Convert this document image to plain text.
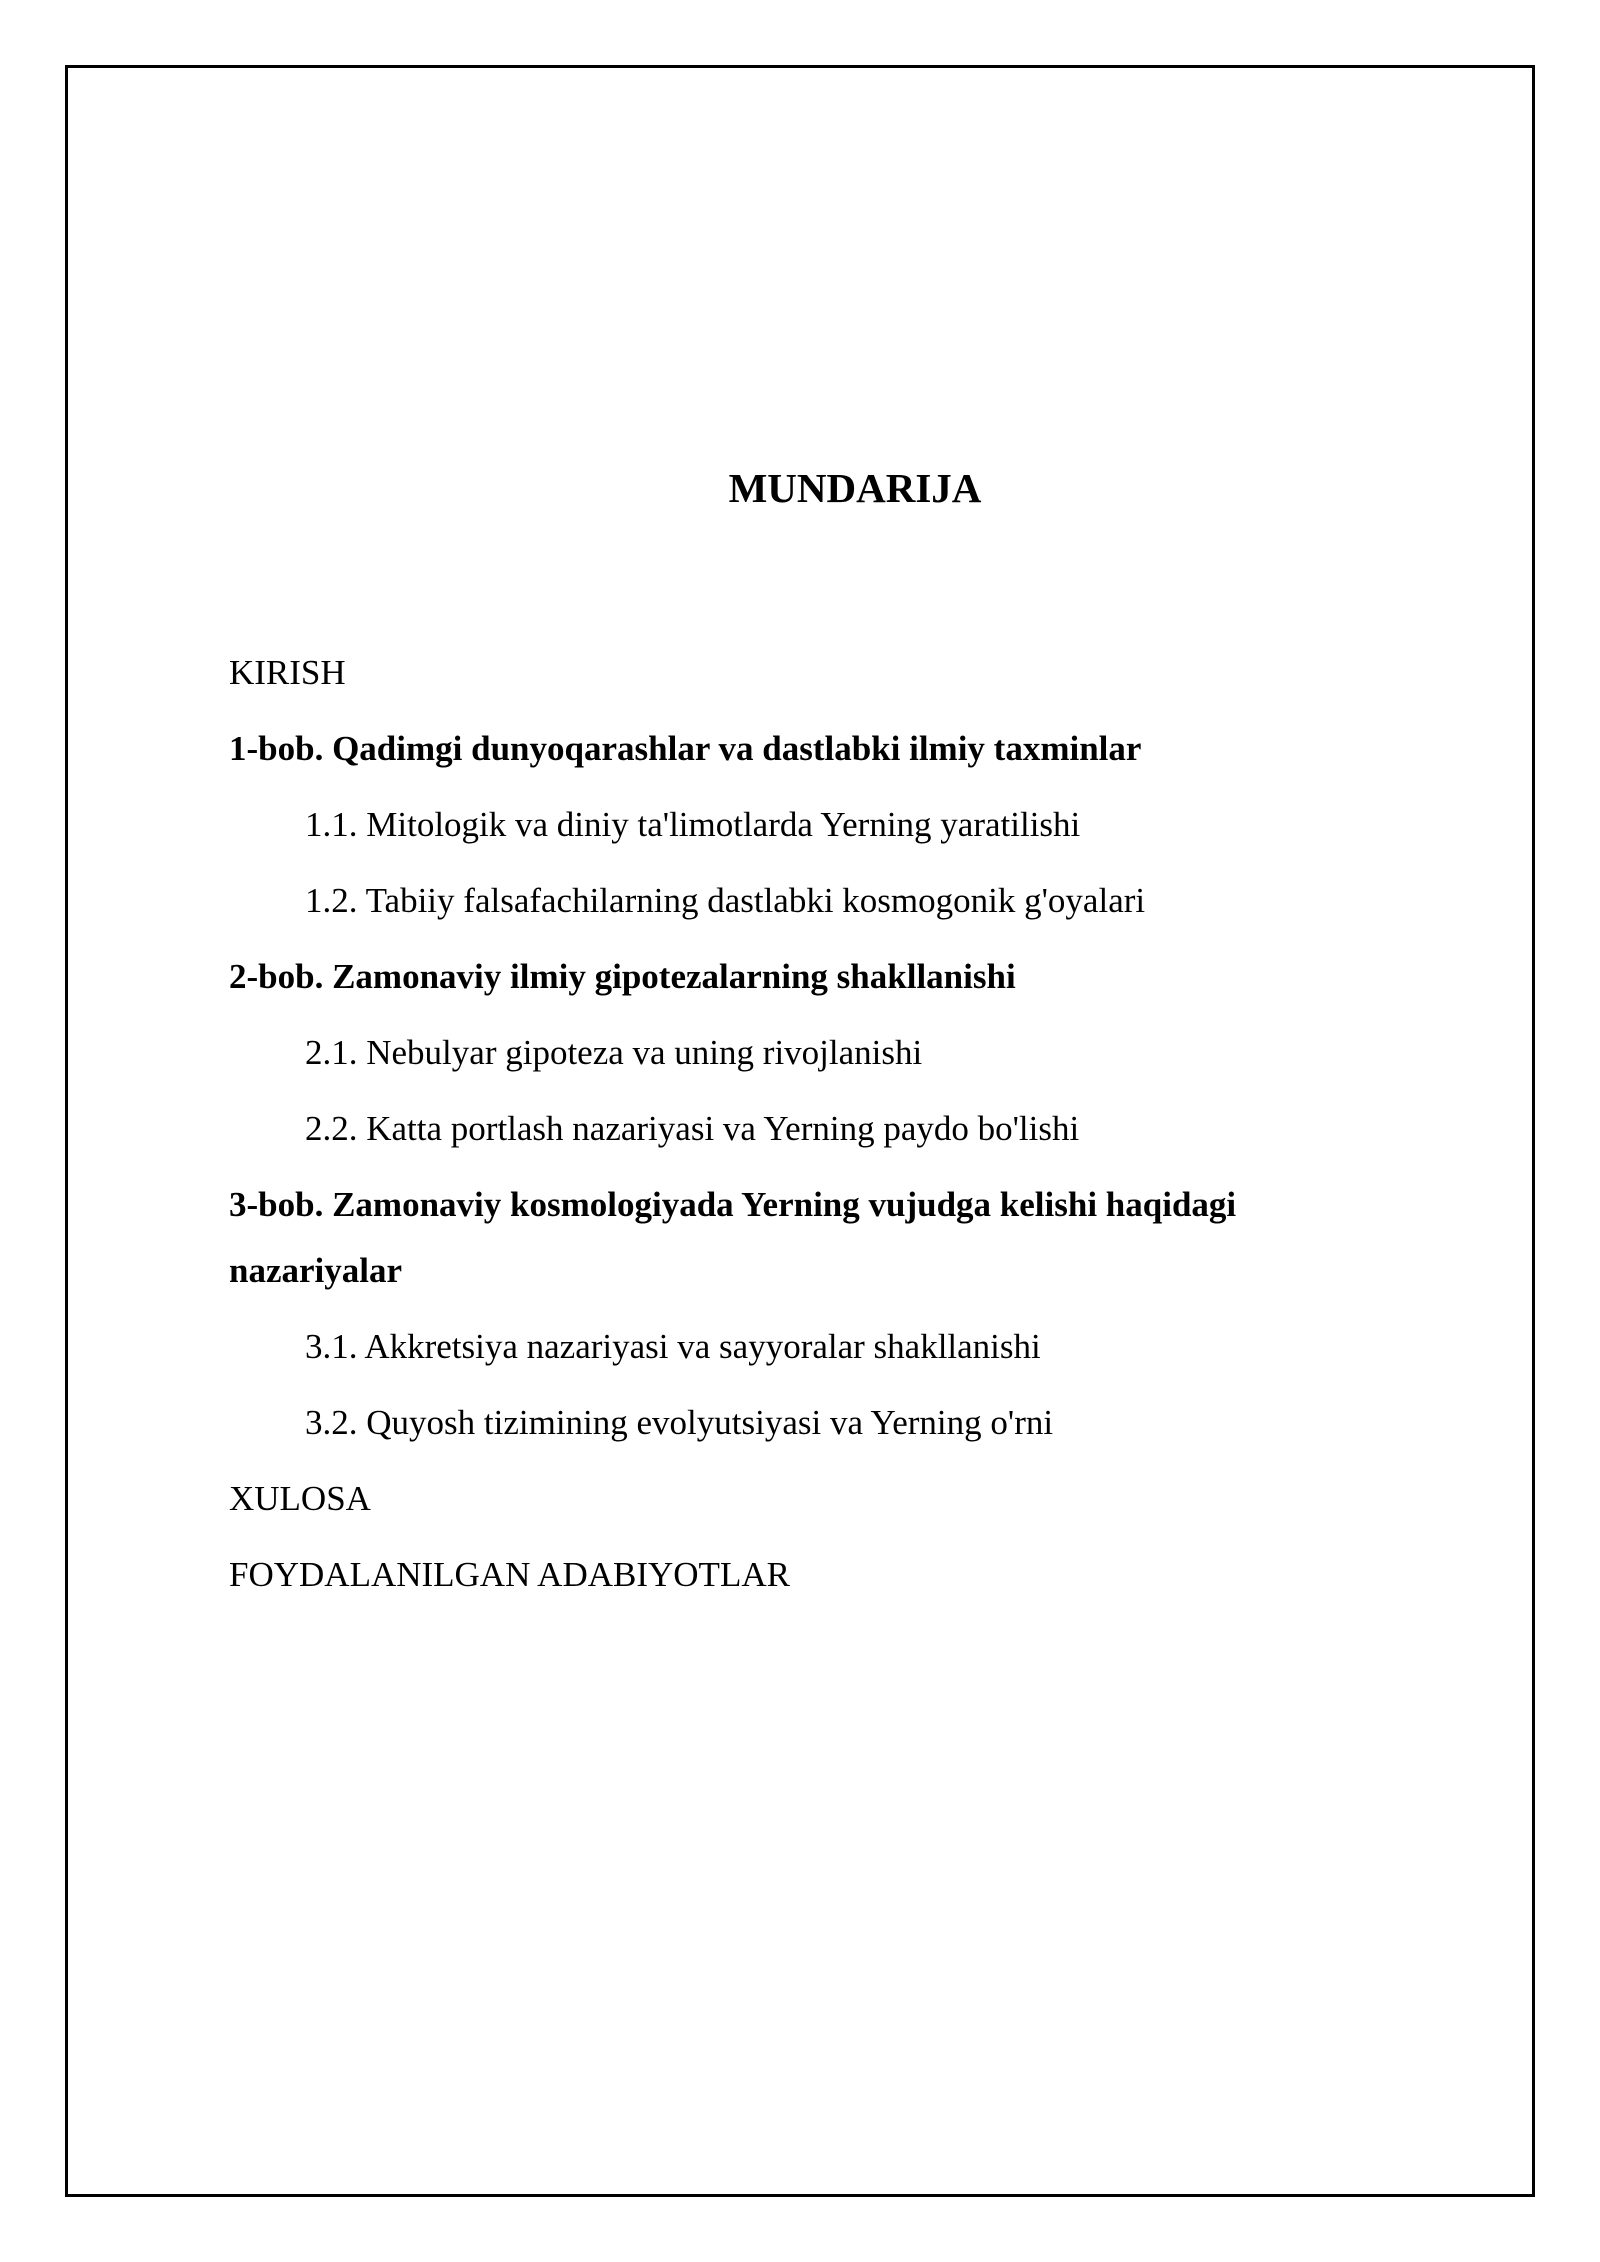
MUNDARIJA
KIRISH
1-bob. Qadimgi dunyoqarashlar va dastlabki ilmiy taxminlar
1.1. Mitologik va diniy ta'limotlarda Yerning yaratilishi
1.2. Tabiiy falsafachilarning dastlabki kosmogonik g'oyalari
2-bob. Zamonaviy ilmiy gipotezalarning shakllanishi
2.1. Nebulyar gipoteza va uning rivojlanishi
2.2. Katta portlash nazariyasi va Yerning paydo bo'lishi
3-bob. Zamonaviy kosmologiyada Yerning vujudga kelishi haqidagi nazariyalar
3.1. Akkretsiya nazariyasi va sayyoralar shakllanishi
3.2. Quyosh tizimining evolyutsiyasi va Yerning o'rni
XULOSA
FOYDALANILGAN ADABIYOTLAR
